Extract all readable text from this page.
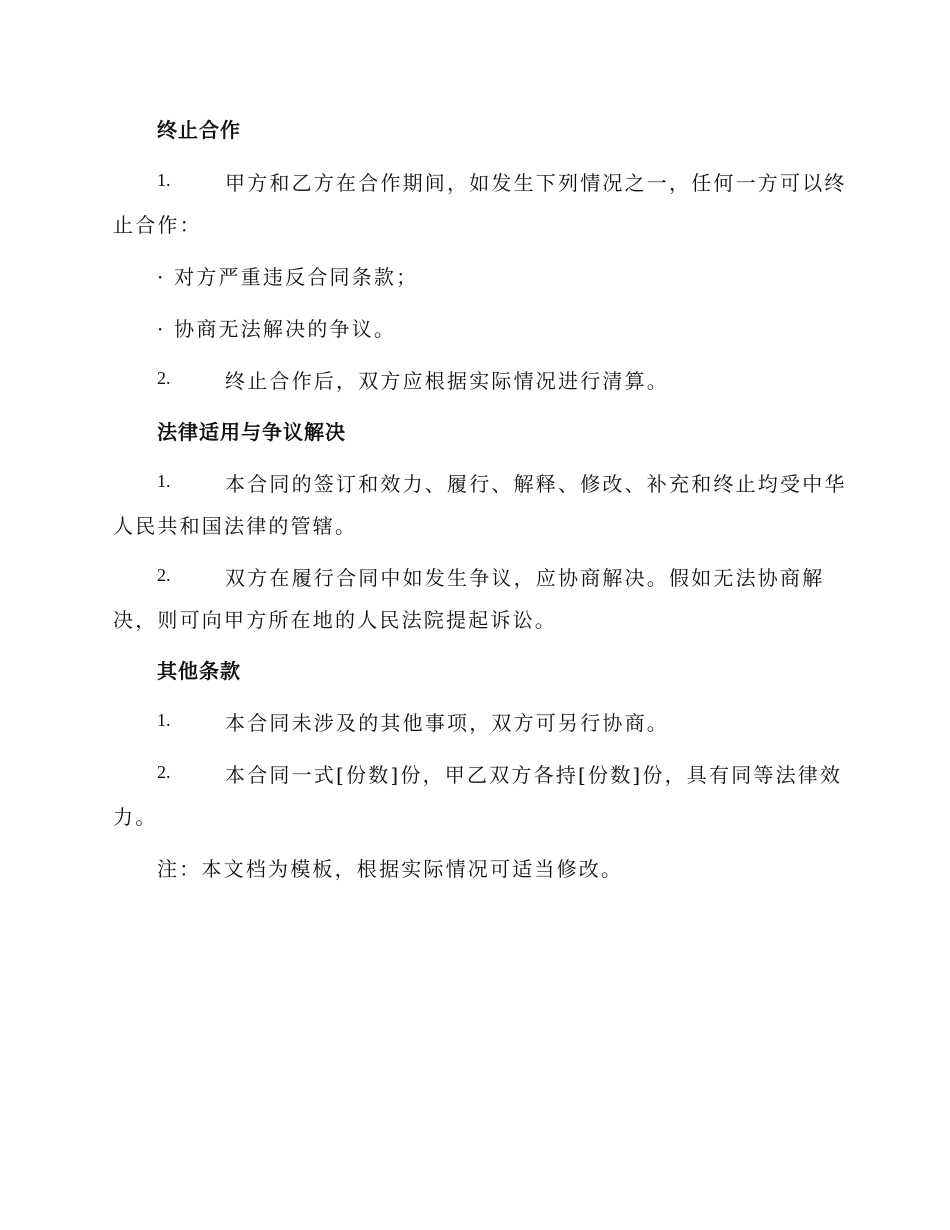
终止合作
1.	甲方和乙方在合作期间，如发生下列情况之一，任何一方可以终
止合作：
· 对方严重违反合同条款；
· 协商无法解决的争议。
2.	终止合作后，双方应根据实际情况进行清算。
法律适用与争议解决
1.	本合同的签订和效力、履行、解释、修改、补充和终止均受中华
人民共和国法律的管辖。
2.	双方在履行合同中如发生争议，应协商解决。假如无法协商解
决，则可向甲方所在地的人民法院提起诉讼。
其他条款
1.	本合同未涉及的其他事项，双方可另行协商。
2.	本合同一式[份数]份，甲乙双方各持[份数]份，具有同等法律效
力。
注：本文档为模板，根据实际情况可适当修改。
